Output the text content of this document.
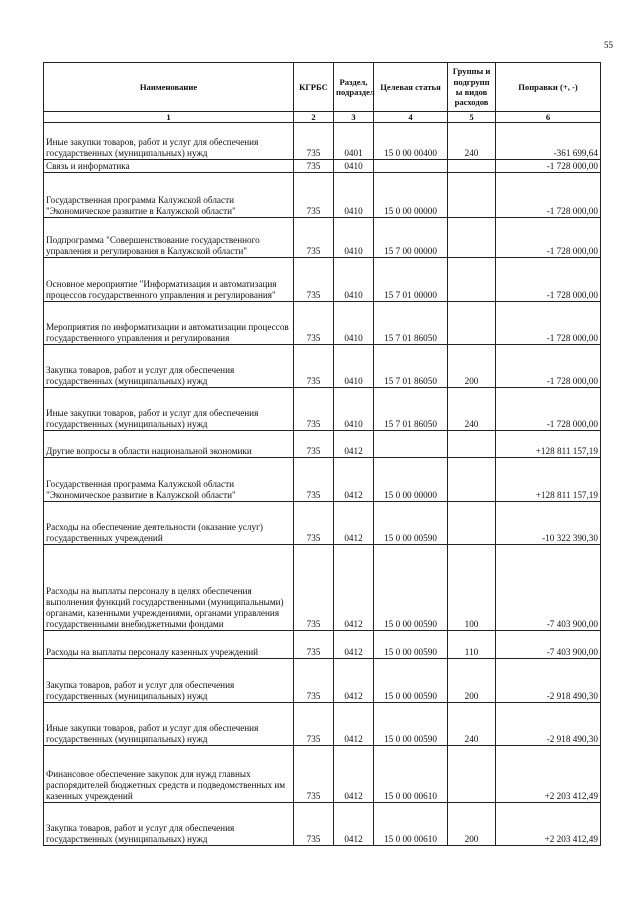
55
Наименование	КГРБС	Раздел, подраздел	Целевая статья	Группы и подгрупп ы видов расходов	Поправки (+, -)
1	2	3	4	5	6
Иные закупки товаров, работ и услуг для обеспечения государственных (муниципальных) нужд	735	0401	15 0 00 00400	240	-361 699,64
Связь и информатика	735	0410			-1 728 000,00
Государственная программа Калужской области "Экономическое развитие в Калужской области"	735	0410	15 0 00 00000		-1 728 000,00
Подпрограмма "Совершенствование государственного управления и регулирования в Калужской области"	735	0410	15 7 00 00000		-1 728 000,00
Основное мероприятие "Информатизация и автоматизация процессов государственного управления и регулирования"	735	0410	15 7 01 00000		-1 728 000,00
Мероприятия по информатизации и автоматизации процессов государственного управления и регулирования	735	0410	15 7 01 86050		-1 728 000,00
Закупка товаров, работ и услуг для обеспечения государственных (муниципальных) нужд	735	0410	15 7 01 86050	200	-1 728 000,00
Иные закупки товаров, работ и услуг для обеспечения государственных (муниципальных) нужд	735	0410	15 7 01 86050	240	-1 728 000,00
Другие вопросы в области национальной экономики	735	0412			+128 811 157,19
Государственная программа Калужской области "Экономическое развитие в Калужской области"	735	0412	15 0 00 00000		+128 811 157,19
Расходы на обеспечение деятельности (оказание услуг) государственных учреждений	735	0412	15 0 00 00590		-10 322 390,30
Расходы на выплаты персоналу в целях обеспечения выполнения функций государственными (муниципальными) органами, казенными учреждениями, органами управления государственными внебюджетными фондами	735	0412	15 0 00 00590	100	-7 403 900,00
Расходы на выплаты персоналу казенных учреждений	735	0412	15 0 00 00590	110	-7 403 900,00
Закупка товаров, работ и услуг для обеспечения государственных (муниципальных) нужд	735	0412	15 0 00 00590	200	-2 918 490,30
Иные закупки товаров, работ и услуг для обеспечения государственных (муниципальных) нужд	735	0412	15 0 00 00590	240	-2 918 490,30
Финансовое обеспечение закупок для нужд главных распорядителей бюджетных средств и подведомственных им казенных учреждений	735	0412	15 0 00 00610		+2 203 412,49
Закупка товаров, работ и услуг для обеспечения государственных (муниципальных) нужд	735	0412	15 0 00 00610	200	+2 203 412,49
